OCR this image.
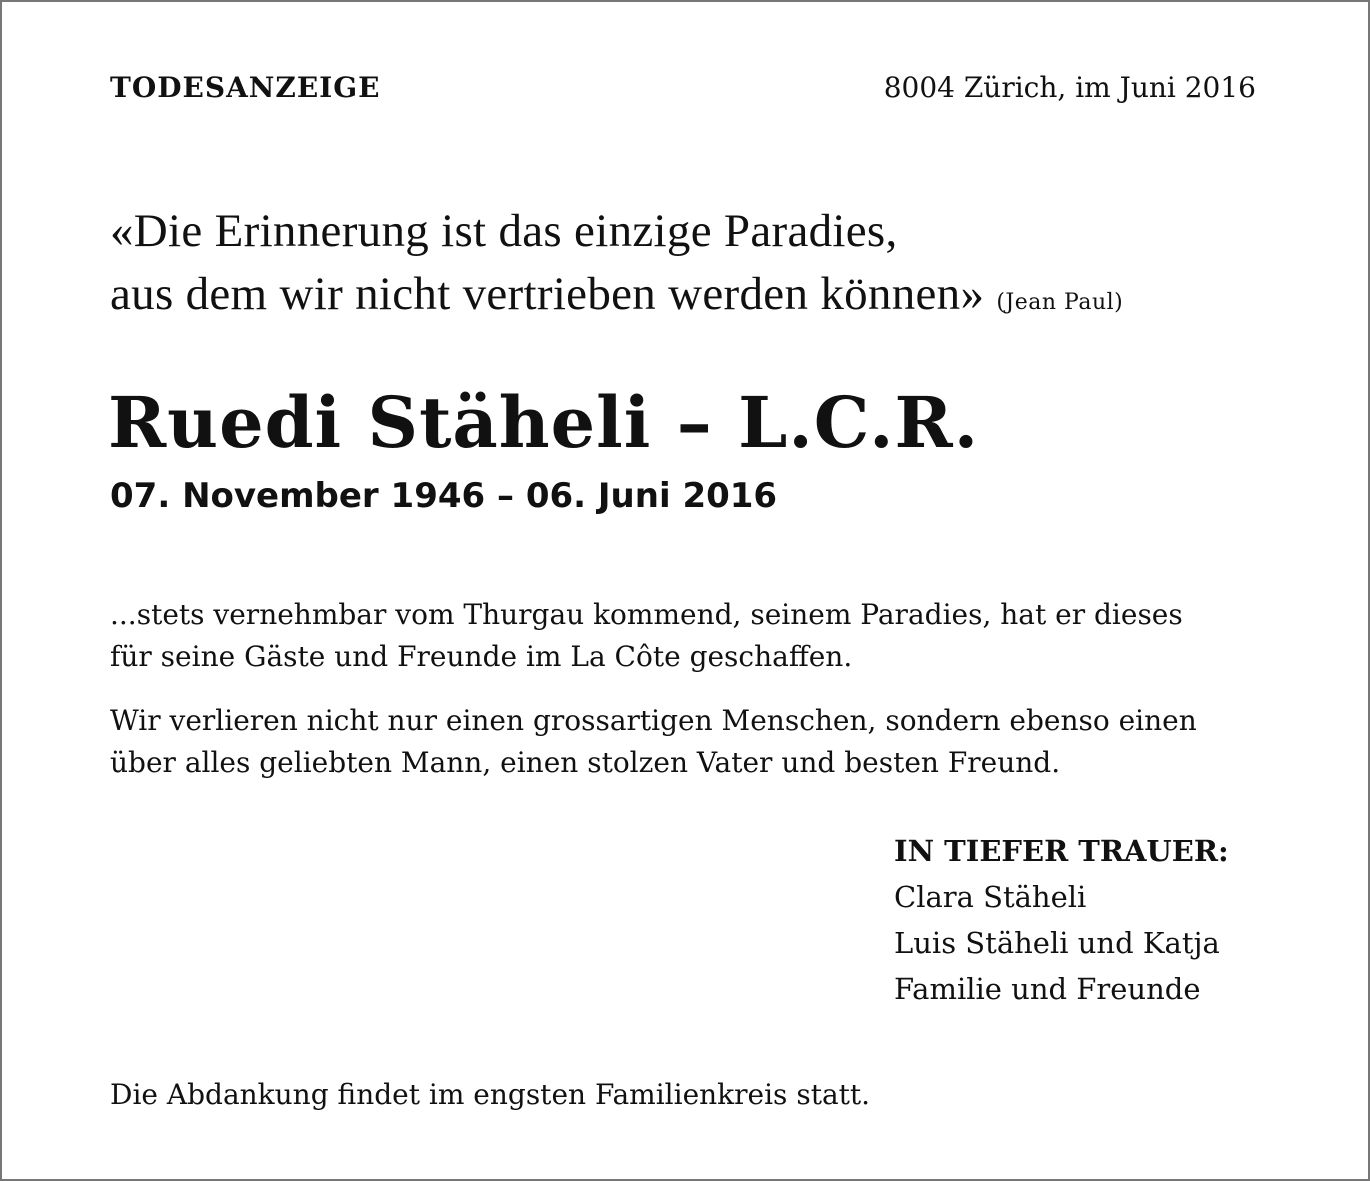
TODESANZEIGE	8004 Zürich, im Juni 2016
«Die Erinnerung ist das einzige Paradies,
aus dem wir nicht vertrieben werden können» (Jean Paul)
Ruedi Stäheli – L.C.R.
07. November 1946 – 06. Juni 2016
...stets vernehmbar vom Thurgau kommend, seinem Paradies, hat er dieses
für seine Gäste und Freunde im La Côte geschaffen.
Wir verlieren nicht nur einen grossartigen Menschen, sondern ebenso einen
über alles geliebten Mann, einen stolzen Vater und besten Freund.
IN TIEFER TRAUER:
Clara Stäheli
Luis Stäheli und Katja
Familie und Freunde
Die Abdankung findet im engsten Familienkreis statt.
